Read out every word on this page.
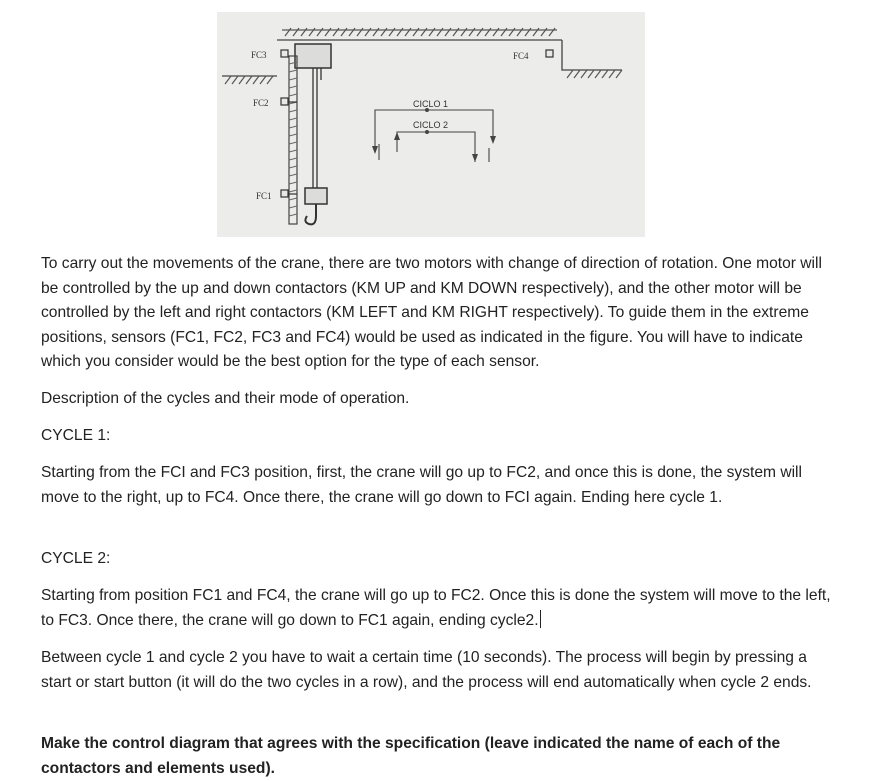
FC3
FC2
FC1
FC4
CICLO 1
CICLO 2

To carry out the movements of the crane, there are two motors with change of direction of rotation. One motor will be controlled by the up and down contactors (KM UP and KM DOWN respectively), and the other motor will be controlled by the left and right contactors (KM LEFT and KM RIGHT respectively). To guide them in the extreme positions, sensors (FC1, FC2, FC3 and FC4) would be used as indicated in the figure. You will have to indicate which you consider would be the best option for the type of each sensor.

Description of the cycles and their mode of operation.

CYCLE 1:

Starting from the FCI and FC3 position, first, the crane will go up to FC2, and once this is done, the system will move to the right, up to FC4. Once there, the crane will go down to FCI again. Ending here cycle 1.

CYCLE 2:

Starting from position FC1 and FC4, the crane will go up to FC2. Once this is done the system will move to the left, to FC3. Once there, the crane will go down to FC1 again, ending cycle2.

Between cycle 1 and cycle 2 you have to wait a certain time (10 seconds). The process will begin by pressing a start or start button (it will do the two cycles in a row), and the process will end automatically when cycle 2 ends.

Make the control diagram that agrees with the specification (leave indicated the name of each of the contactors and elements used).
